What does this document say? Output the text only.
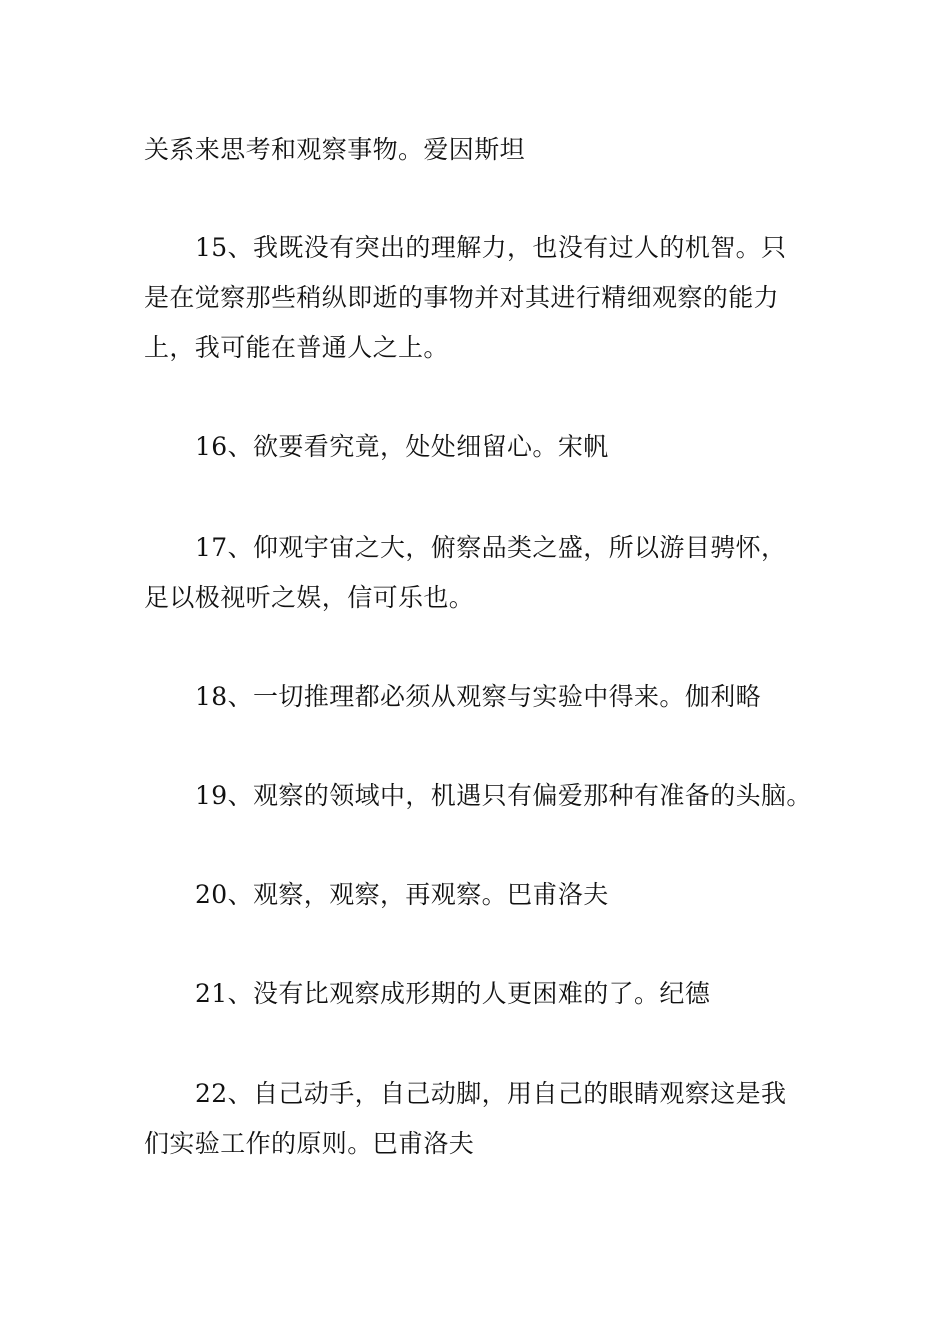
关系来思考和观察事物。爱因斯坦
15、我既没有突出的理解力，也没有过人的机智。只
是在觉察那些稍纵即逝的事物并对其进行精细观察的能力
上，我可能在普通人之上。
16、欲要看究竟，处处细留心。宋帆
17、仰观宇宙之大，俯察品类之盛，所以游目骋怀，
足以极视听之娱，信可乐也。
18、一切推理都必须从观察与实验中得来。伽利略
19、观察的领域中，机遇只有偏爱那种有准备的头脑。
20、观察，观察，再观察。巴甫洛夫
21、没有比观察成形期的人更困难的了。纪德
22、自己动手，自己动脚，用自己的眼睛观察这是我
们实验工作的原则。巴甫洛夫
